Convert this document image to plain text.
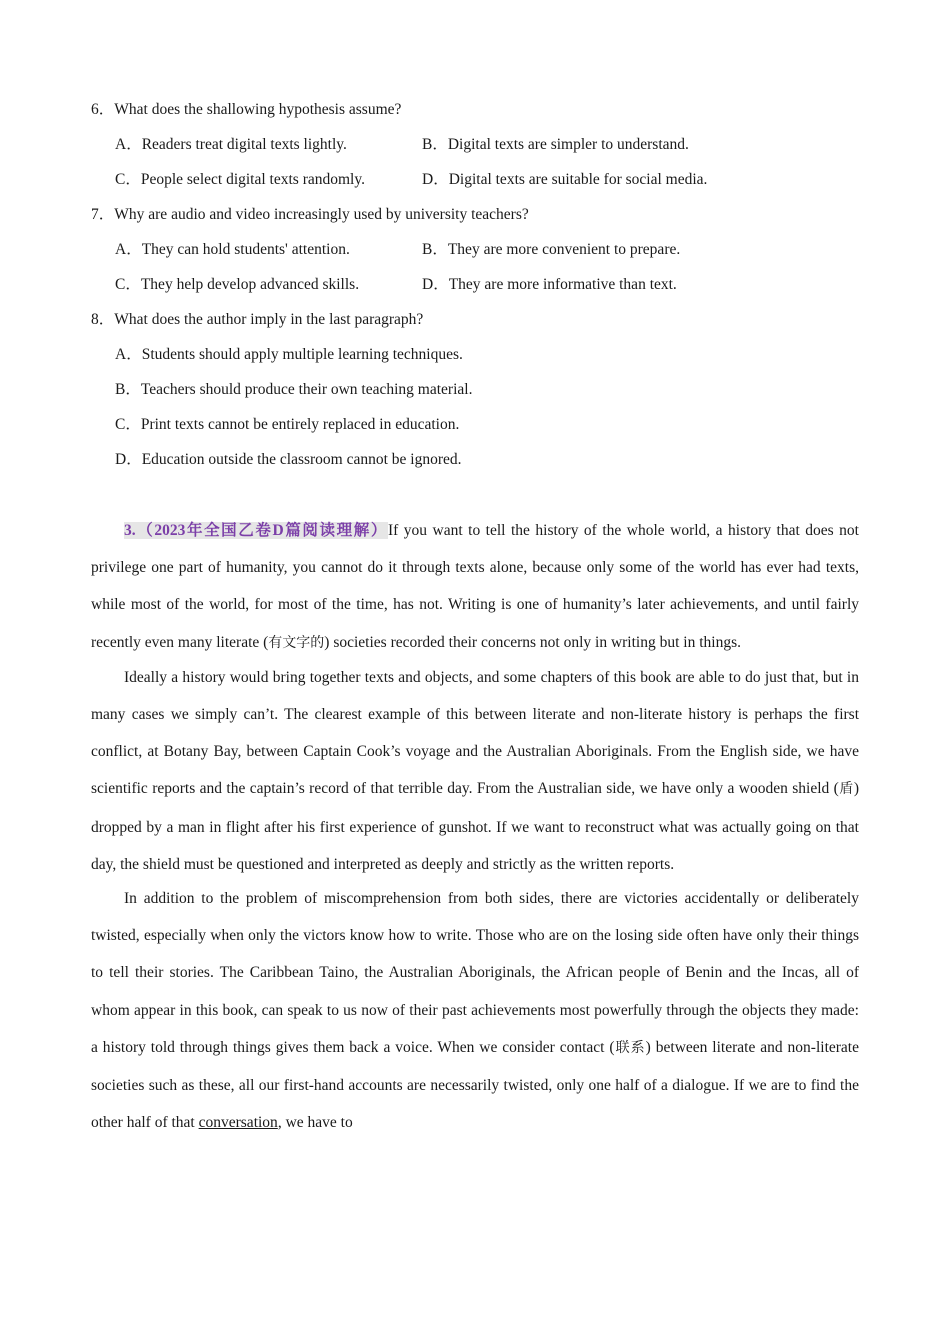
6．What does the shallowing hypothesis assume?
A．Readers treat digital texts lightly.	B．Digital texts are simpler to understand.
C．People select digital texts randomly.	D．Digital texts are suitable for social media.
7．Why are audio and video increasingly used by university teachers?
A．They can hold students' attention.	B．They are more convenient to prepare.
C．They help develop advanced skills.	D．They are more informative than text.
8．What does the author imply in the last paragraph?
A．Students should apply multiple learning techniques.
B．Teachers should produce their own teaching material.
C．Print texts cannot be entirely replaced in education.
D．Education outside the classroom cannot be ignored.

3.（2023年全国乙卷D篇阅读理解）If you want to tell the history of the whole world, a history that does not privilege one part of humanity, you cannot do it through texts alone, because only some of the world has ever had texts, while most of the world, for most of the time, has not. Writing is one of humanity’s later achievements, and until fairly recently even many literate (有文字的) societies recorded their concerns not only in writing but in things.

Ideally a history would bring together texts and objects, and some chapters of this book are able to do just that, but in many cases we simply can’t. The clearest example of this between literate and non-literate history is perhaps the first conflict, at Botany Bay, between Captain Cook’s voyage and the Australian Aboriginals. From the English side, we have scientific reports and the captain’s record of that terrible day. From the Australian side, we have only a wooden shield (盾) dropped by a man in flight after his first experience of gunshot. If we want to reconstruct what was actually going on that day, the shield must be questioned and interpreted as deeply and strictly as the written reports.

In addition to the problem of miscomprehension from both sides, there are victories accidentally or deliberately twisted, especially when only the victors know how to write. Those who are on the losing side often have only their things to tell their stories. The Caribbean Taino, the Australian Aboriginals, the African people of Benin and the Incas, all of whom appear in this book, can speak to us now of their past achievements most powerfully through the objects they made: a history told through things gives them back a voice. When we consider contact (联系) between literate and non-literate societies such as these, all our first-hand accounts are necessarily twisted, only one half of a dialogue. If we are to find the other half of that conversation, we have to
